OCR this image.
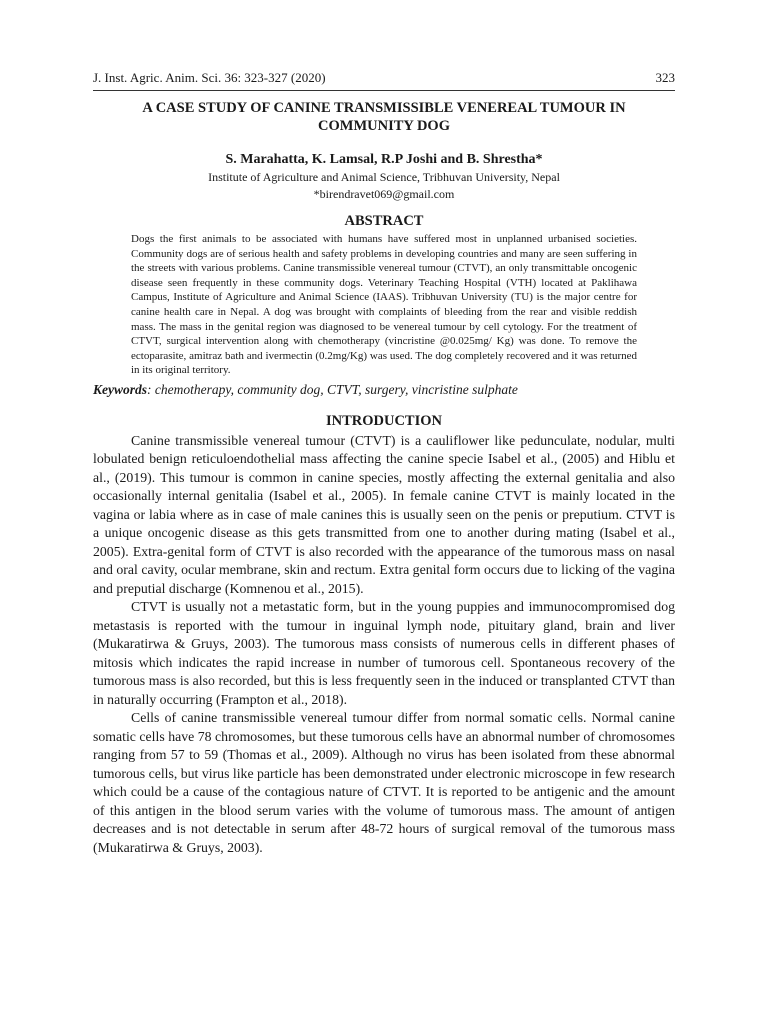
J. Inst. Agric. Anim. Sci. 36: 323-327 (2020)	323
A CASE STUDY OF CANINE TRANSMISSIBLE VENEREAL TUMOUR IN COMMUNITY DOG
S. Marahatta, K. Lamsal, R.P Joshi and B. Shrestha*
Institute of Agriculture and Animal Science, Tribhuvan University, Nepal
*birendravet069@gmail.com
ABSTRACT
Dogs the first animals to be associated with humans have suffered most in unplanned urbanised societies. Community dogs are of serious health and safety problems in developing countries and many are seen suffering in the streets with various problems. Canine transmissible venereal tumour (CTVT), an only transmittable oncogenic disease seen frequently in these community dogs. Veterinary Teaching Hospital (VTH) located at Paklihawa Campus, Institute of Agriculture and Animal Science (IAAS). Tribhuvan University (TU) is the major centre for canine health care in Nepal. A dog was brought with complaints of bleeding from the rear and visible reddish mass. The mass in the genital region was diagnosed to be venereal tumour by cell cytology. For the treatment of CTVT, surgical intervention along with chemotherapy (vincristine @0.025mg/ Kg) was done. To remove the ectoparasite, amitraz bath and ivermectin (0.2mg/Kg) was used. The dog completely recovered and it was returned in its original territory.
Keywords: chemotherapy, community dog, CTVT, surgery, vincristine sulphate
INTRODUCTION

Canine transmissible venereal tumour (CTVT) is a cauliflower like pedunculate, nodular, multi lobulated benign reticuloendothelial mass affecting the canine specie Isabel et al., (2005) and Hiblu et al., (2019). This tumour is common in canine species, mostly affecting the external genitalia and also occasionally internal genitalia (Isabel et al., 2005). In female canine CTVT is mainly located in the vagina or labia where as in case of male canines this is usually seen on the penis or preputium. CTVT is a unique oncogenic disease as this gets transmitted from one to another during mating (Isabel et al., 2005). Extra-genital form of CTVT is also recorded with the appearance of the tumorous mass on nasal and oral cavity, ocular membrane, skin and rectum. Extra genital form occurs due to licking of the vagina and preputial discharge (Komnenou et al., 2015).

CTVT is usually not a metastatic form, but in the young puppies and immunocompromised dog metastasis is reported with the tumour in inguinal lymph node, pituitary gland, brain and liver (Mukaratirwa & Gruys, 2003). The tumorous mass consists of numerous cells in different phases of mitosis which indicates the rapid increase in number of tumorous cell. Spontaneous recovery of the tumorous mass is also recorded, but this is less frequently seen in the induced or transplanted CTVT than in naturally occurring (Frampton et al., 2018).

Cells of canine transmissible venereal tumour differ from normal somatic cells. Normal canine somatic cells have 78 chromosomes, but these tumorous cells have an abnormal number of chromosomes ranging from 57 to 59 (Thomas et al., 2009). Although no virus has been isolated from these abnormal tumorous cells, but virus like particle has been demonstrated under electronic microscope in few research which could be a cause of the contagious nature of CTVT. It is reported to be antigenic and the amount of this antigen in the blood serum varies with the volume of tumorous mass. The amount of antigen decreases and is not detectable in serum after 48-72 hours of surgical removal of the tumorous mass (Mukaratirwa & Gruys, 2003).
